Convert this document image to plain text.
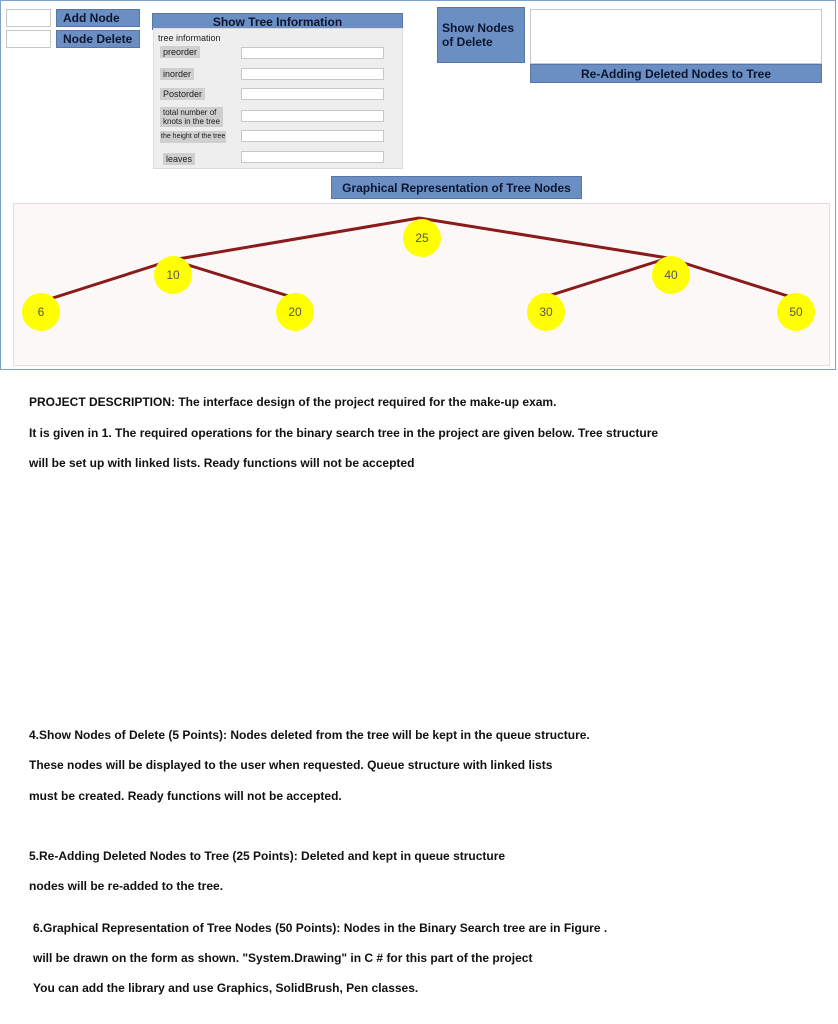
Add Node
Node Delete
Show Tree Information
tree information
preorder
inorder
Postorder
total number of
knots in the tree
the height of the tree
leaves
Show Nodes
of Delete
Re-Adding Deleted Nodes to Tree
Graphical Representation of Tree Nodes
25
10	40
6	20	30	50
PROJECT DESCRIPTION: The interface design of the project required for the make-up exam.
It is given in 1. The required operations for the binary search tree in the project are given below. Tree structure
will be set up with linked lists. Ready functions will not be accepted
4.Show Nodes of Delete (5 Points): Nodes deleted from the tree will be kept in the queue structure.
These nodes will be displayed to the user when requested. Queue structure with linked lists
must be created. Ready functions will not be accepted.
5.Re-Adding Deleted Nodes to Tree (25 Points): Deleted and kept in queue structure
nodes will be re-added to the tree.
6.Graphical Representation of Tree Nodes (50 Points): Nodes in the Binary Search tree are in Figure .
will be drawn on the form as shown. "System.Drawing" in C # for this part of the project
You can add the library and use Graphics, SolidBrush, Pen classes.
